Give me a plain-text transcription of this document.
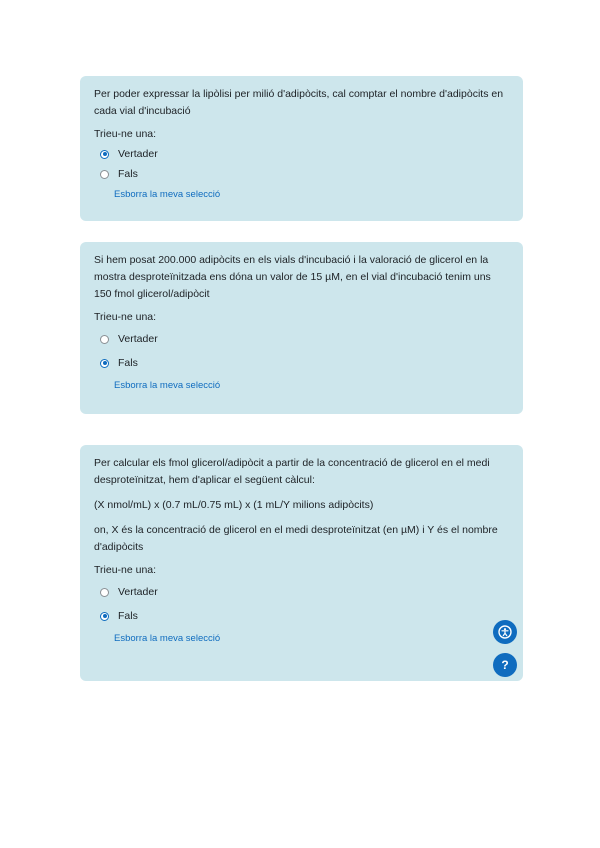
Per poder expressar la lipòlisi per milió d'adipòcits, cal comptar el nombre d'adipòcits en cada vial d'incubació

Trieu-ne una:
Vertader
Fals
Esborra la meva selecció

Si hem posat 200.000 adipòcits en els vials d'incubació i la valoració de glicerol en la mostra desproteïnitzada ens dóna un valor de 15 µM, en el vial d'incubació tenim uns 150 fmol glicerol/adipòcit

Trieu-ne una:
Vertader
Fals
Esborra la meva selecció

Per calcular els fmol glicerol/adipòcit a partir de la concentració de glicerol en el medi desproteïnitzat, hem d'aplicar el següent càlcul:

(X nmol/mL) x (0.7 mL/0.75 mL) x (1 mL/Y milions adipòcits)

on, X és la concentració de glicerol en el medi desproteïnitzat (en µM) i Y és el nombre d'adipòcits

Trieu-ne una:
Vertader
Fals
Esborra la meva selecció
?
